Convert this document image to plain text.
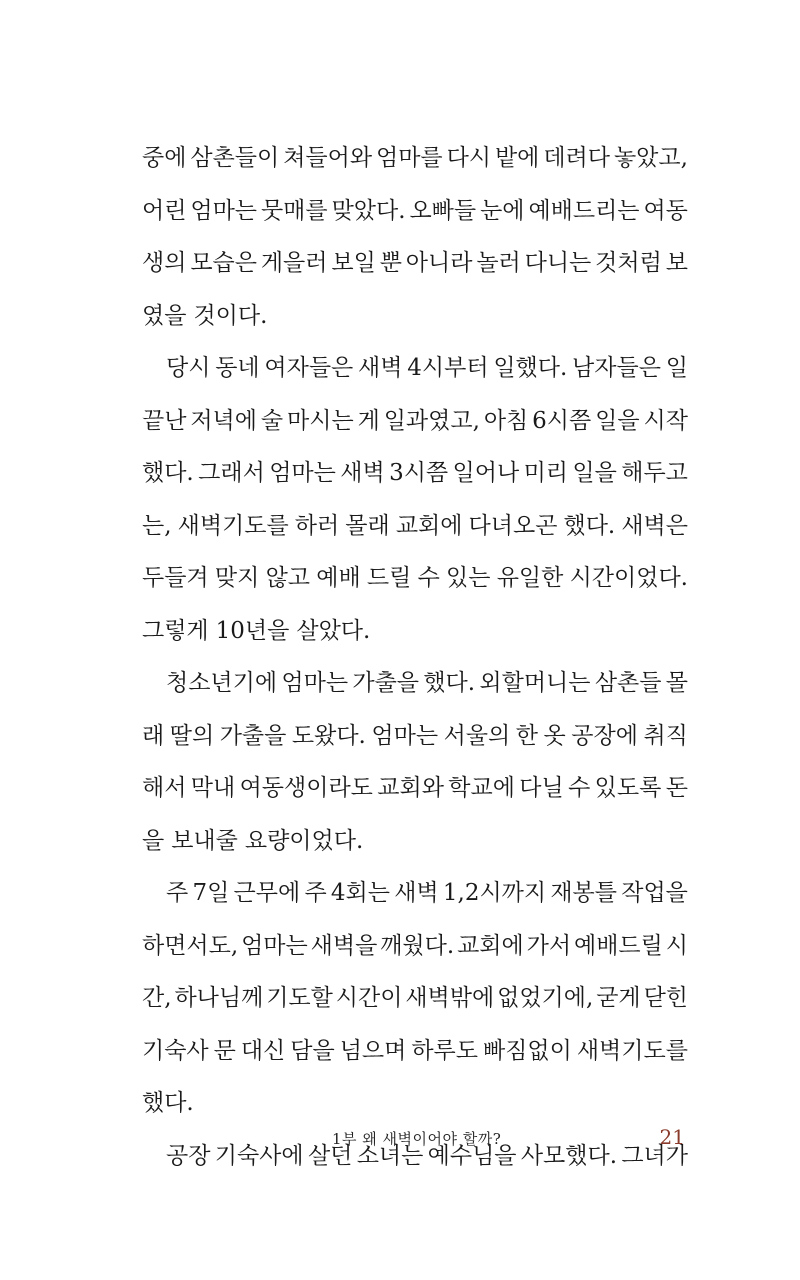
중에 삼촌들이 쳐들어와 엄마를 다시 밭에 데려다 놓았고,
어린 엄마는 뭇매를 맞았다. 오빠들 눈에 예배드리는 여동
생의 모습은 게을러 보일 뿐 아니라 놀러 다니는 것처럼 보
였을 것이다.
당시 동네 여자들은 새벽 4시부터 일했다. 남자들은 일
끝난 저녁에 술 마시는 게 일과였고, 아침 6시쯤 일을 시작
했다. 그래서 엄마는 새벽 3시쯤 일어나 미리 일을 해두고
는, 새벽기도를 하러 몰래 교회에 다녀오곤 했다. 새벽은
두들겨 맞지 않고 예배 드릴 수 있는 유일한 시간이었다.
그렇게 10년을 살았다.
청소년기에 엄마는 가출을 했다. 외할머니는 삼촌들 몰
래 딸의 가출을 도왔다. 엄마는 서울의 한 옷 공장에 취직
해서 막내 여동생이라도 교회와 학교에 다닐 수 있도록 돈
을 보내줄 요량이었다.
주 7일 근무에 주 4회는 새벽 1,2시까지 재봉틀 작업을
하면서도, 엄마는 새벽을 깨웠다. 교회에 가서 예배드릴 시
간, 하나님께 기도할 시간이 새벽밖에 없었기에, 굳게 닫힌
기숙사 문 대신 담을 넘으며 하루도 빠짐없이 새벽기도를
했다.
공장 기숙사에 살던 소녀는 예수님을 사모했다. 그녀가
1부 왜 새벽이어야 할까?	21
